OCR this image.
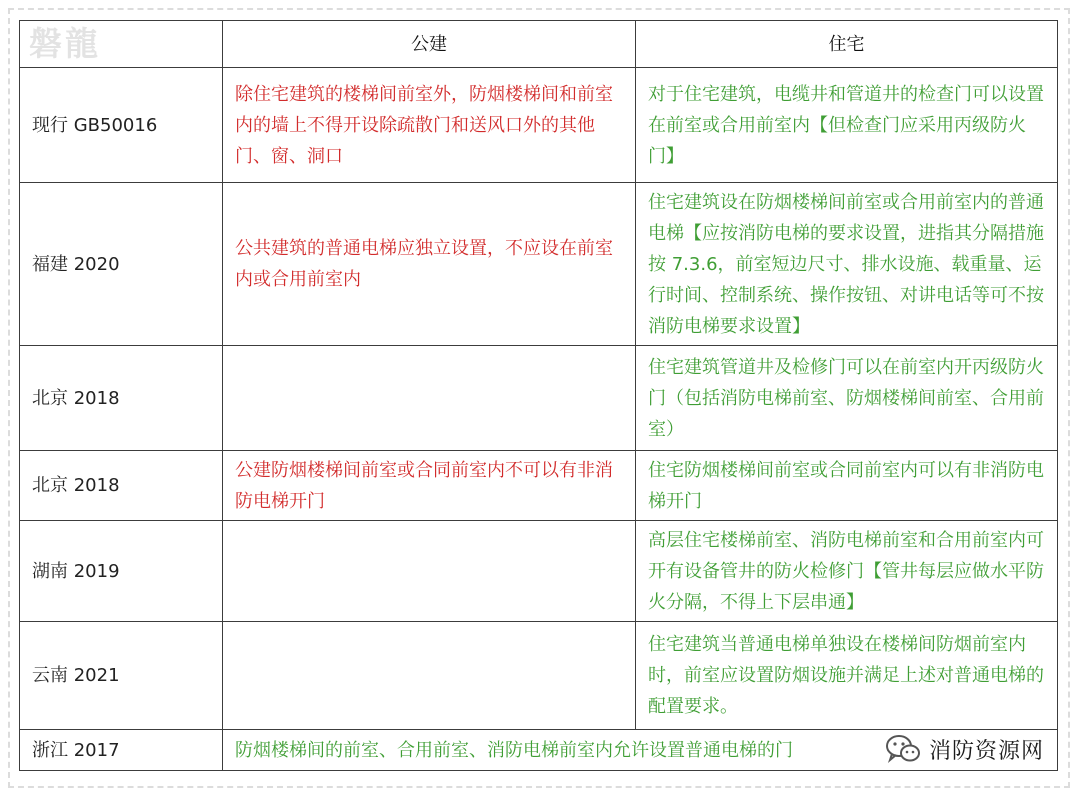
磐龍	公建	住宅
现行 GB50016	除住宅建筑的楼梯间前室外，防烟楼梯间和前室内的墙上不得开设除疏散门和送风口外的其他门、窗、洞口	对于住宅建筑，电缆井和管道井的检查门可以设置在前室或合用前室内【但检查门应采用丙级防火门】
福建 2020	公共建筑的普通电梯应独立设置，不应设在前室内或合用前室内	住宅建筑设在防烟楼梯间前室或合用前室内的普通电梯【应按消防电梯的要求设置，进指其分隔措施按 7.3.6，前室短边尺寸、排水设施、载重量、运行时间、控制系统、操作按钮、对讲电话等可不按消防电梯要求设置】
北京 2018		住宅建筑管道井及检修门可以在前室内开丙级防火门（包括消防电梯前室、防烟楼梯间前室、合用前室）
北京 2018	公建防烟楼梯间前室或合同前室内不可以有非消防电梯开门	住宅防烟楼梯间前室或合同前室内可以有非消防电梯开门
湖南 2019		高层住宅楼梯前室、消防电梯前室和合用前室内可开有设备管井的防火检修门【管井每层应做水平防火分隔，不得上下层串通】
云南 2021		住宅建筑当普通电梯单独设在楼梯间防烟前室内时，前室应设置防烟设施并满足上述对普通电梯的配置要求。
浙江 2017	防烟楼梯间的前室、合用前室、消防电梯前室内允许设置普通电梯的门		消防资源网
